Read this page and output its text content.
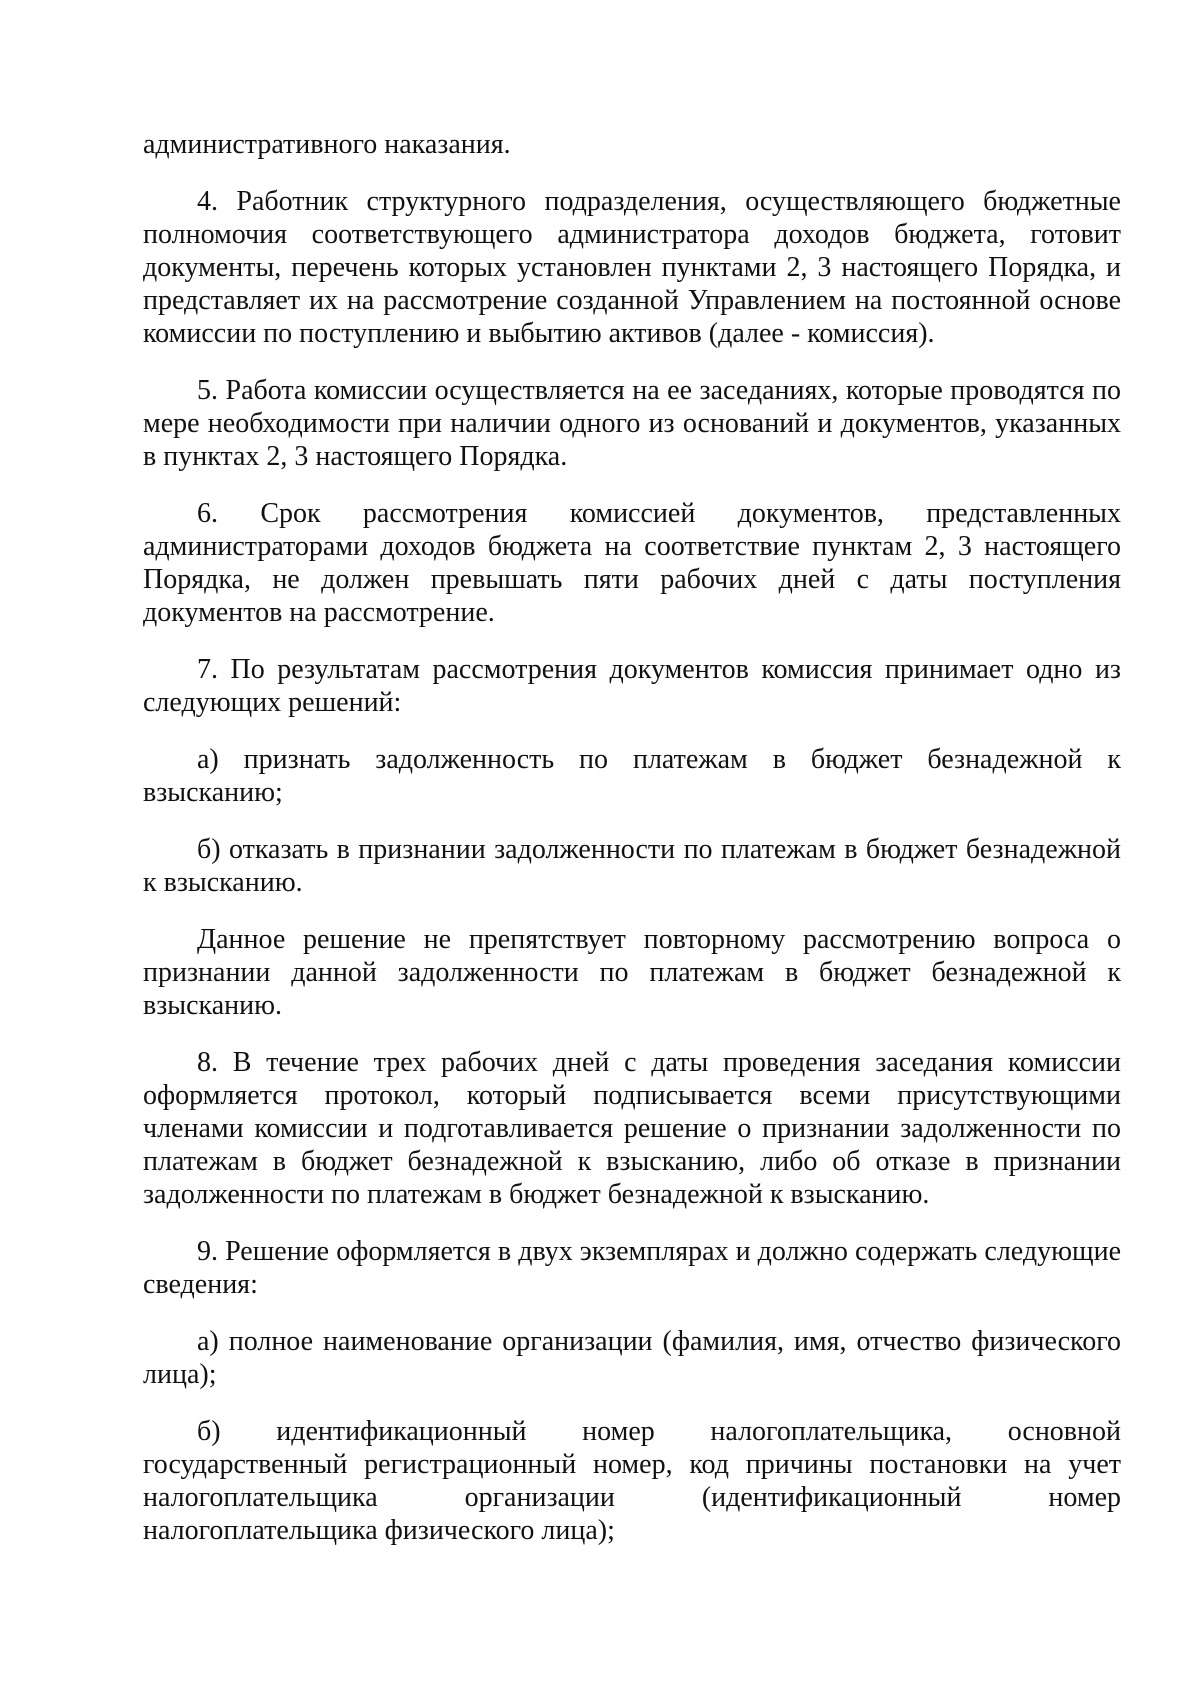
административного наказания.

4. Работник структурного подразделения, осуществляющего бюджетные полномочия соответствующего администратора доходов бюджета, готовит документы, перечень которых установлен пунктами 2, 3 настоящего Порядка, и представляет их на рассмотрение созданной Управлением на постоянной основе комиссии по поступлению и выбытию активов (далее - комиссия).

5. Работа комиссии осуществляется на ее заседаниях, которые проводятся по мере необходимости при наличии одного из оснований и документов, указанных в пунктах 2, 3 настоящего Порядка.

6. Срок рассмотрения комиссией документов, представленных администраторами доходов бюджета на соответствие пунктам 2, 3 настоящего Порядка, не должен превышать пяти рабочих дней с даты поступления документов на рассмотрение.

7. По результатам рассмотрения документов комиссия принимает одно из следующих решений:

а) признать задолженность по платежам в бюджет безнадежной к взысканию;

б) отказать в признании задолженности по платежам в бюджет безнадежной к взысканию.

Данное решение не препятствует повторному рассмотрению вопроса о признании данной задолженности по платежам в бюджет безнадежной к взысканию.

8. В течение трех рабочих дней с даты проведения заседания комиссии оформляется протокол, который подписывается всеми присутствующими членами комиссии и подготавливается решение о признании задолженности по платежам в бюджет безнадежной к взысканию, либо об отказе в признании задолженности по платежам в бюджет безнадежной к взысканию.

9. Решение оформляется в двух экземплярах и должно содержать следующие сведения:

а) полное наименование организации (фамилия, имя, отчество физического лица);

б) идентификационный номер налогоплательщика, основной государственный регистрационный номер, код причины постановки на учет налогоплательщика организации (идентификационный номер налогоплательщика физического лица);
